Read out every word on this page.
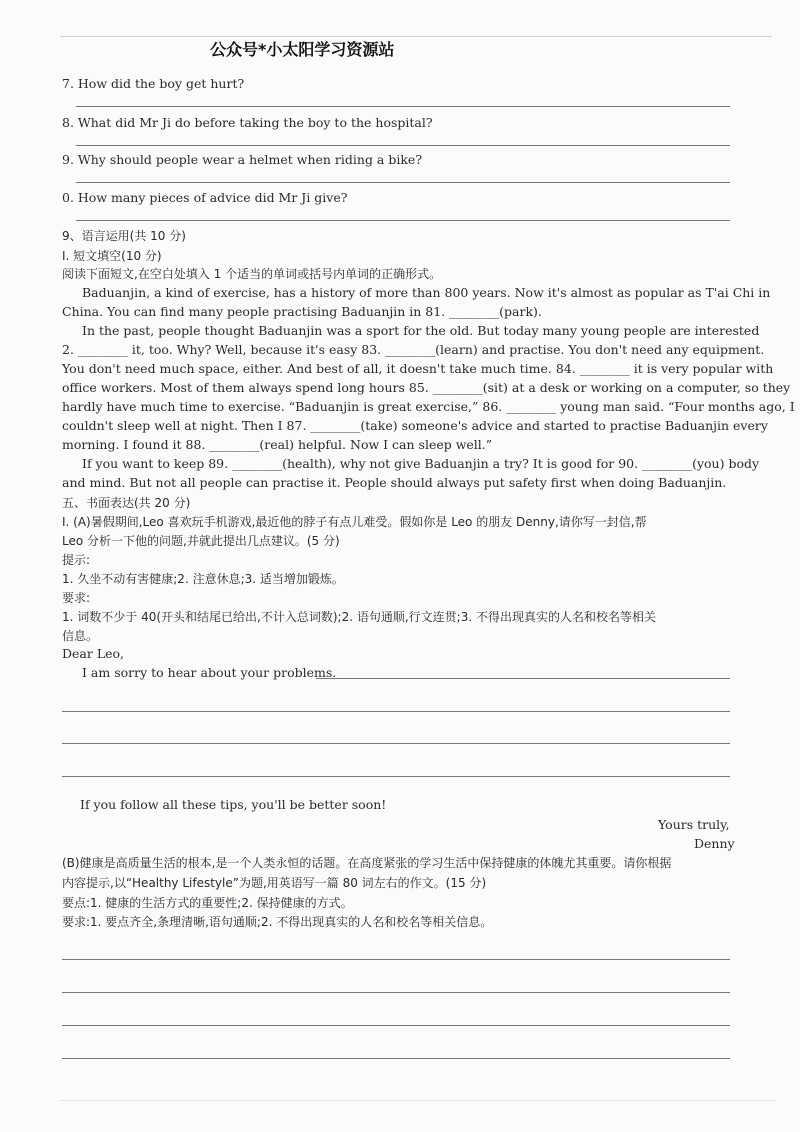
公众号*小太阳学习资源站
7. How did the boy get hurt?
8. What did Mr Ji do before taking the boy to the hospital?
9. Why should people wear a helmet when riding a bike?
0. How many pieces of advice did Mr Ji give?
9、语言运用(共 10 分)
I. 短文填空(10 分)
阅读下面短文,在空白处填入 1 个适当的单词或括号内单词的正确形式。
Baduanjin, a kind of exercise, has a history of more than 800 years. Now it's almost as popular as T'ai Chi in
China. You can find many people practising Baduanjin in 81. ________(park).
In the past, people thought Baduanjin was a sport for the old. But today many young people are interested
2. ________ it, too. Why? Well, because it's easy 83. ________(learn) and practise. You don't need any equipment.
You don't need much space, either. And best of all, it doesn't take much time. 84. ________ it is very popular with
office workers. Most of them always spend long hours 85. ________(sit) at a desk or working on a computer, so they
hardly have much time to exercise. “Baduanjin is great exercise,” 86. ________ young man said. “Four months ago, I
couldn't sleep well at night. Then I 87. ________(take) someone's advice and started to practise Baduanjin every
morning. I found it 88. ________(real) helpful. Now I can sleep well.”
If you want to keep 89. ________(health), why not give Baduanjin a try? It is good for 90. ________(you) body
and mind. But not all people can practise it. People should always put safety first when doing Baduanjin.
五、书面表达(共 20 分)
I. (A)暑假期间,Leo 喜欢玩手机游戏,最近他的脖子有点儿难受。假如你是 Leo 的朋友 Denny,请你写一封信,帮
Leo 分析一下他的问题,并就此提出几点建议。(5 分)
提示:
1. 久坐不动有害健康;2. 注意休息;3. 适当增加锻炼。
要求:
1. 词数不少于 40(开头和结尾已给出,不计入总词数);2. 语句通顺,行文连贯;3. 不得出现真实的人名和校名等相关
信息。
Dear Leo,
I am sorry to hear about your problems.
If you follow all these tips, you'll be better soon!
Yours truly,
Denny
(B)健康是高质量生活的根本,是一个人类永恒的话题。在高度紧张的学习生活中保持健康的体魄尤其重要。请你根据
内容提示,以“Healthy Lifestyle”为题,用英语写一篇 80 词左右的作文。(15 分)
要点:1. 健康的生活方式的重要性;2. 保持健康的方式。
要求:1. 要点齐全,条理清晰,语句通顺;2. 不得出现真实的人名和校名等相关信息。
